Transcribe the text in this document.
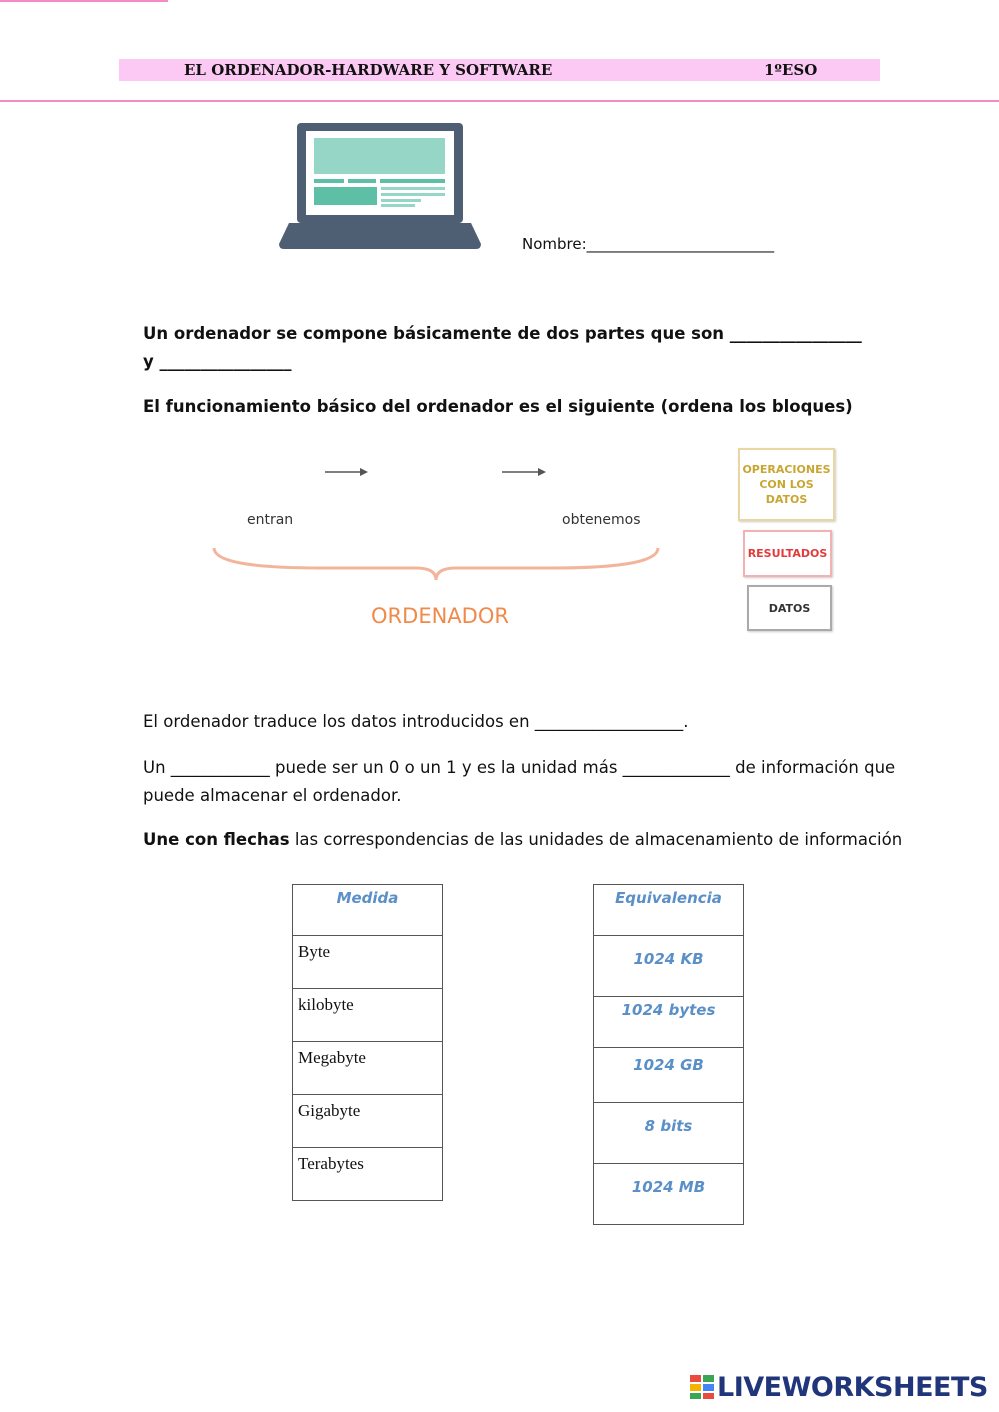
EL ORDENADOR-HARDWARE Y SOFTWARE	1ºESO
Nombre:_________________________
Un ordenador se compone básicamente de dos partes que son ________________ y ________________
El funcionamiento básico del ordenador es el siguiente (ordena los bloques)
entran	obtenemos
ORDENADOR
OPERACIONES CON LOS DATOS
RESULTADOS
DATOS
El ordenador traduce los datos introducidos en __________________.
Un ____________ puede ser un 0 o un 1 y es la unidad más _____________ de información que puede almacenar el ordenador.
Une con flechas las correspondencias de las unidades de almacenamiento de información
Medida
Byte
kilobyte
Megabyte
Gigabyte
Terabytes
Equivalencia
1024 KB
1024 bytes
1024 GB
8 bits
1024 MB
LIVEWORKSHEETS
